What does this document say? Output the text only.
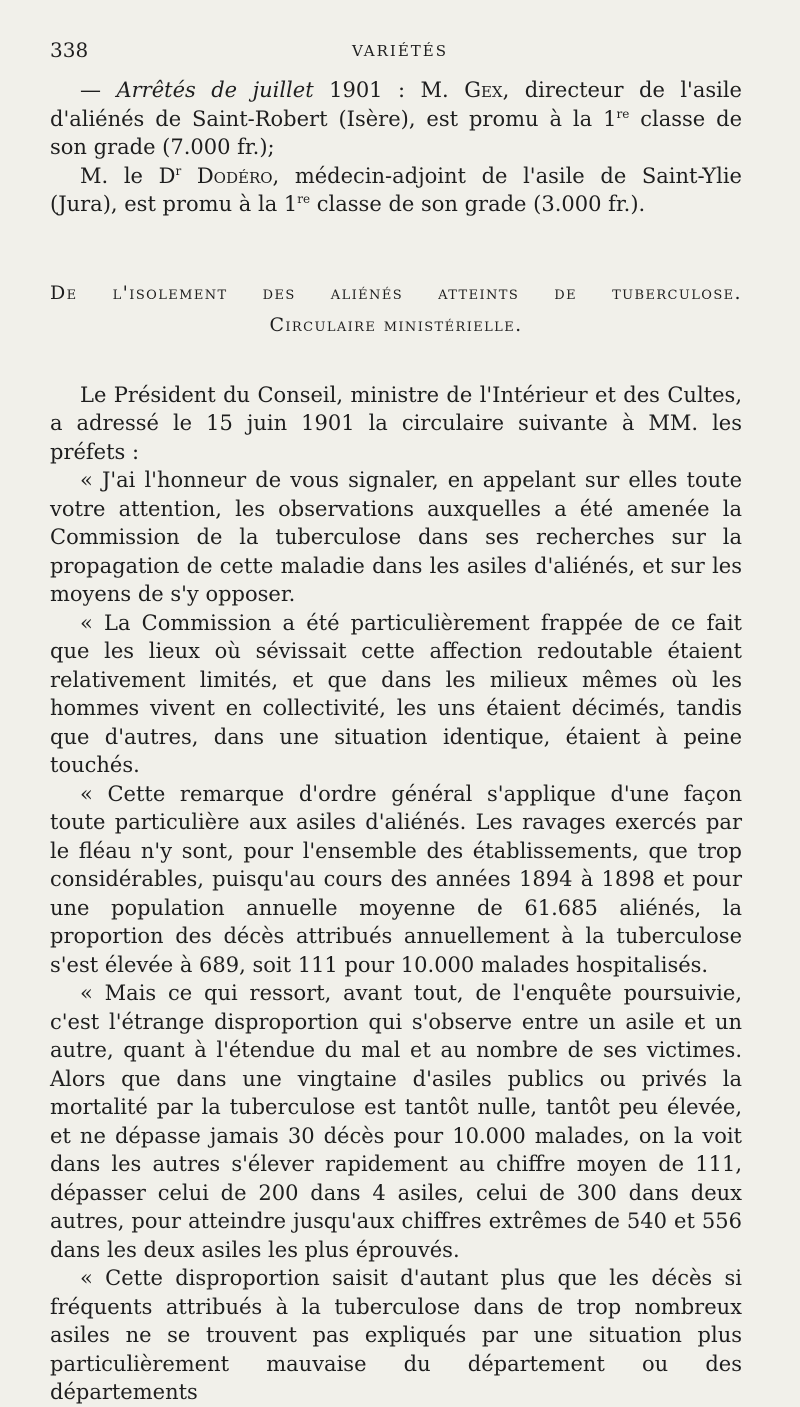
338	VARIÉTÉS

— Arrêtés de juillet 1901 : M. Gex, directeur de l'asile d'aliénés de Saint-Robert (Isère), est promu à la 1re classe de son grade (7.000 fr.);

M. le $D^r$ Dodéro, médecin-adjoint de l'asile de Saint-Ylie (Jura), est promu à la 1re classe de son grade (3.000 fr.).

De l'isolement des aliénés atteints de tuberculose.
Circulaire ministérielle.

Le Président du Conseil, ministre de l'Intérieur et des Cultes, a adressé le 15 juin 1901 la circulaire suivante à MM. les préfets :

« J'ai l'honneur de vous signaler, en appelant sur elles toute votre attention, les observations auxquelles a été amenée la Commission de la tuberculose dans ses recherches sur la propagation de cette maladie dans les asiles d'aliénés, et sur les moyens de s'y opposer.

« La Commission a été particulièrement frappée de ce fait que les lieux où sévissait cette affection redoutable étaient relativement limités, et que dans les milieux mêmes où les hommes vivent en collectivité, les uns étaient décimés, tandis que d'autres, dans une situation identique, étaient à peine touchés.

« Cette remarque d'ordre général s'applique d'une façon toute particulière aux asiles d'aliénés. Les ravages exercés par le fléau n'y sont, pour l'ensemble des établissements, que trop considérables, puisqu'au cours des années 1894 à 1898 et pour une population annuelle moyenne de 61.685 aliénés, la proportion des décès attribués annuellement à la tuberculose s'est élevée à 689, soit 111 pour 10.000 malades hospitalisés.

« Mais ce qui ressort, avant tout, de l'enquête poursuivie, c'est l'étrange disproportion qui s'observe entre un asile et un autre, quant à l'étendue du mal et au nombre de ses victimes. Alors que dans une vingtaine d'asiles publics ou privés la mortalité par la tuberculose est tantôt nulle, tantôt peu élevée, et ne dépasse jamais 30 décès pour 10.000 malades, on la voit dans les autres s'élever rapidement au chiffre moyen de 111, dépasser celui de 200 dans 4 asiles, celui de 300 dans deux autres, pour atteindre jusqu'aux chiffres extrêmes de 540 et 556 dans les deux asiles les plus éprouvés.

« Cette disproportion saisit d'autant plus que les décès si fréquents attribués à la tuberculose dans de trop nombreux asiles ne se trouvent pas expliqués par une situation plus particulièrement mauvaise du département ou des départements
